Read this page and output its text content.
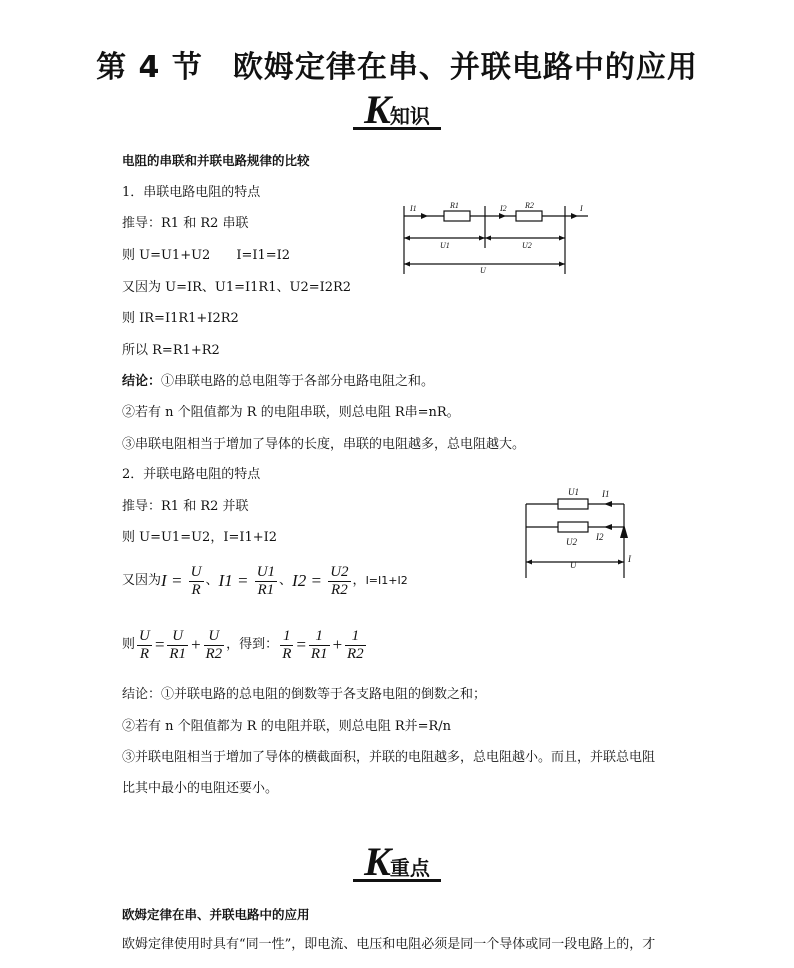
第 4 节 欧姆定律在串、并联电路中的应用
K知识
电阻的串联和并联电路规律的比较
1．串联电路电阻的特点
推导：R1 和 R2 串联
则 U=U1+U2　　I=I1=I2
又因为 U=IR、U1=I1R1、U2=I2R2
则 IR=I1R1+I2R2
所以 R=R1+R2
结论：①串联电路的总电阻等于各部分电路电阻之和。
②若有 n 个阻值都为 R 的电阻串联，则总电阻 R串=nR。
③串联电阻相当于增加了导体的长度，串联的电阻越多，总电阻越大。
I1	R1	I2 R2	I
U1	U2
U
2．并联电路电阻的特点
推导：R1 和 R2 并联
则 U=U1=U2，I=I1+I2
又因为$I = \frac{U}{R}$ 、$I1 = \frac{U1}{R1}$ 、$I2 = \frac{U2}{R2}$ ，I=I1+I2
则 $\frac{U}{R} = \frac{U}{R1} + \frac{U}{R2}$ ，得到： $\frac{1}{R} = \frac{1}{R1} + \frac{1}{R2}$
U1	I1
U2 I2
U
I
结论：①并联电路的总电阻的倒数等于各支路电阻的倒数之和；
②若有 n 个阻值都为 R 的电阻并联，则总电阻 R并=R/n
③并联电阻相当于增加了导体的横截面积，并联的电阻越多，总电阻越小。而且，并联总电阻
比其中最小的电阻还要小。
K重点
欧姆定律在串、并联电路中的应用
欧姆定律使用时具有“同一性”，即电流、电压和电阻必须是同一个导体或同一段电路上的，才
